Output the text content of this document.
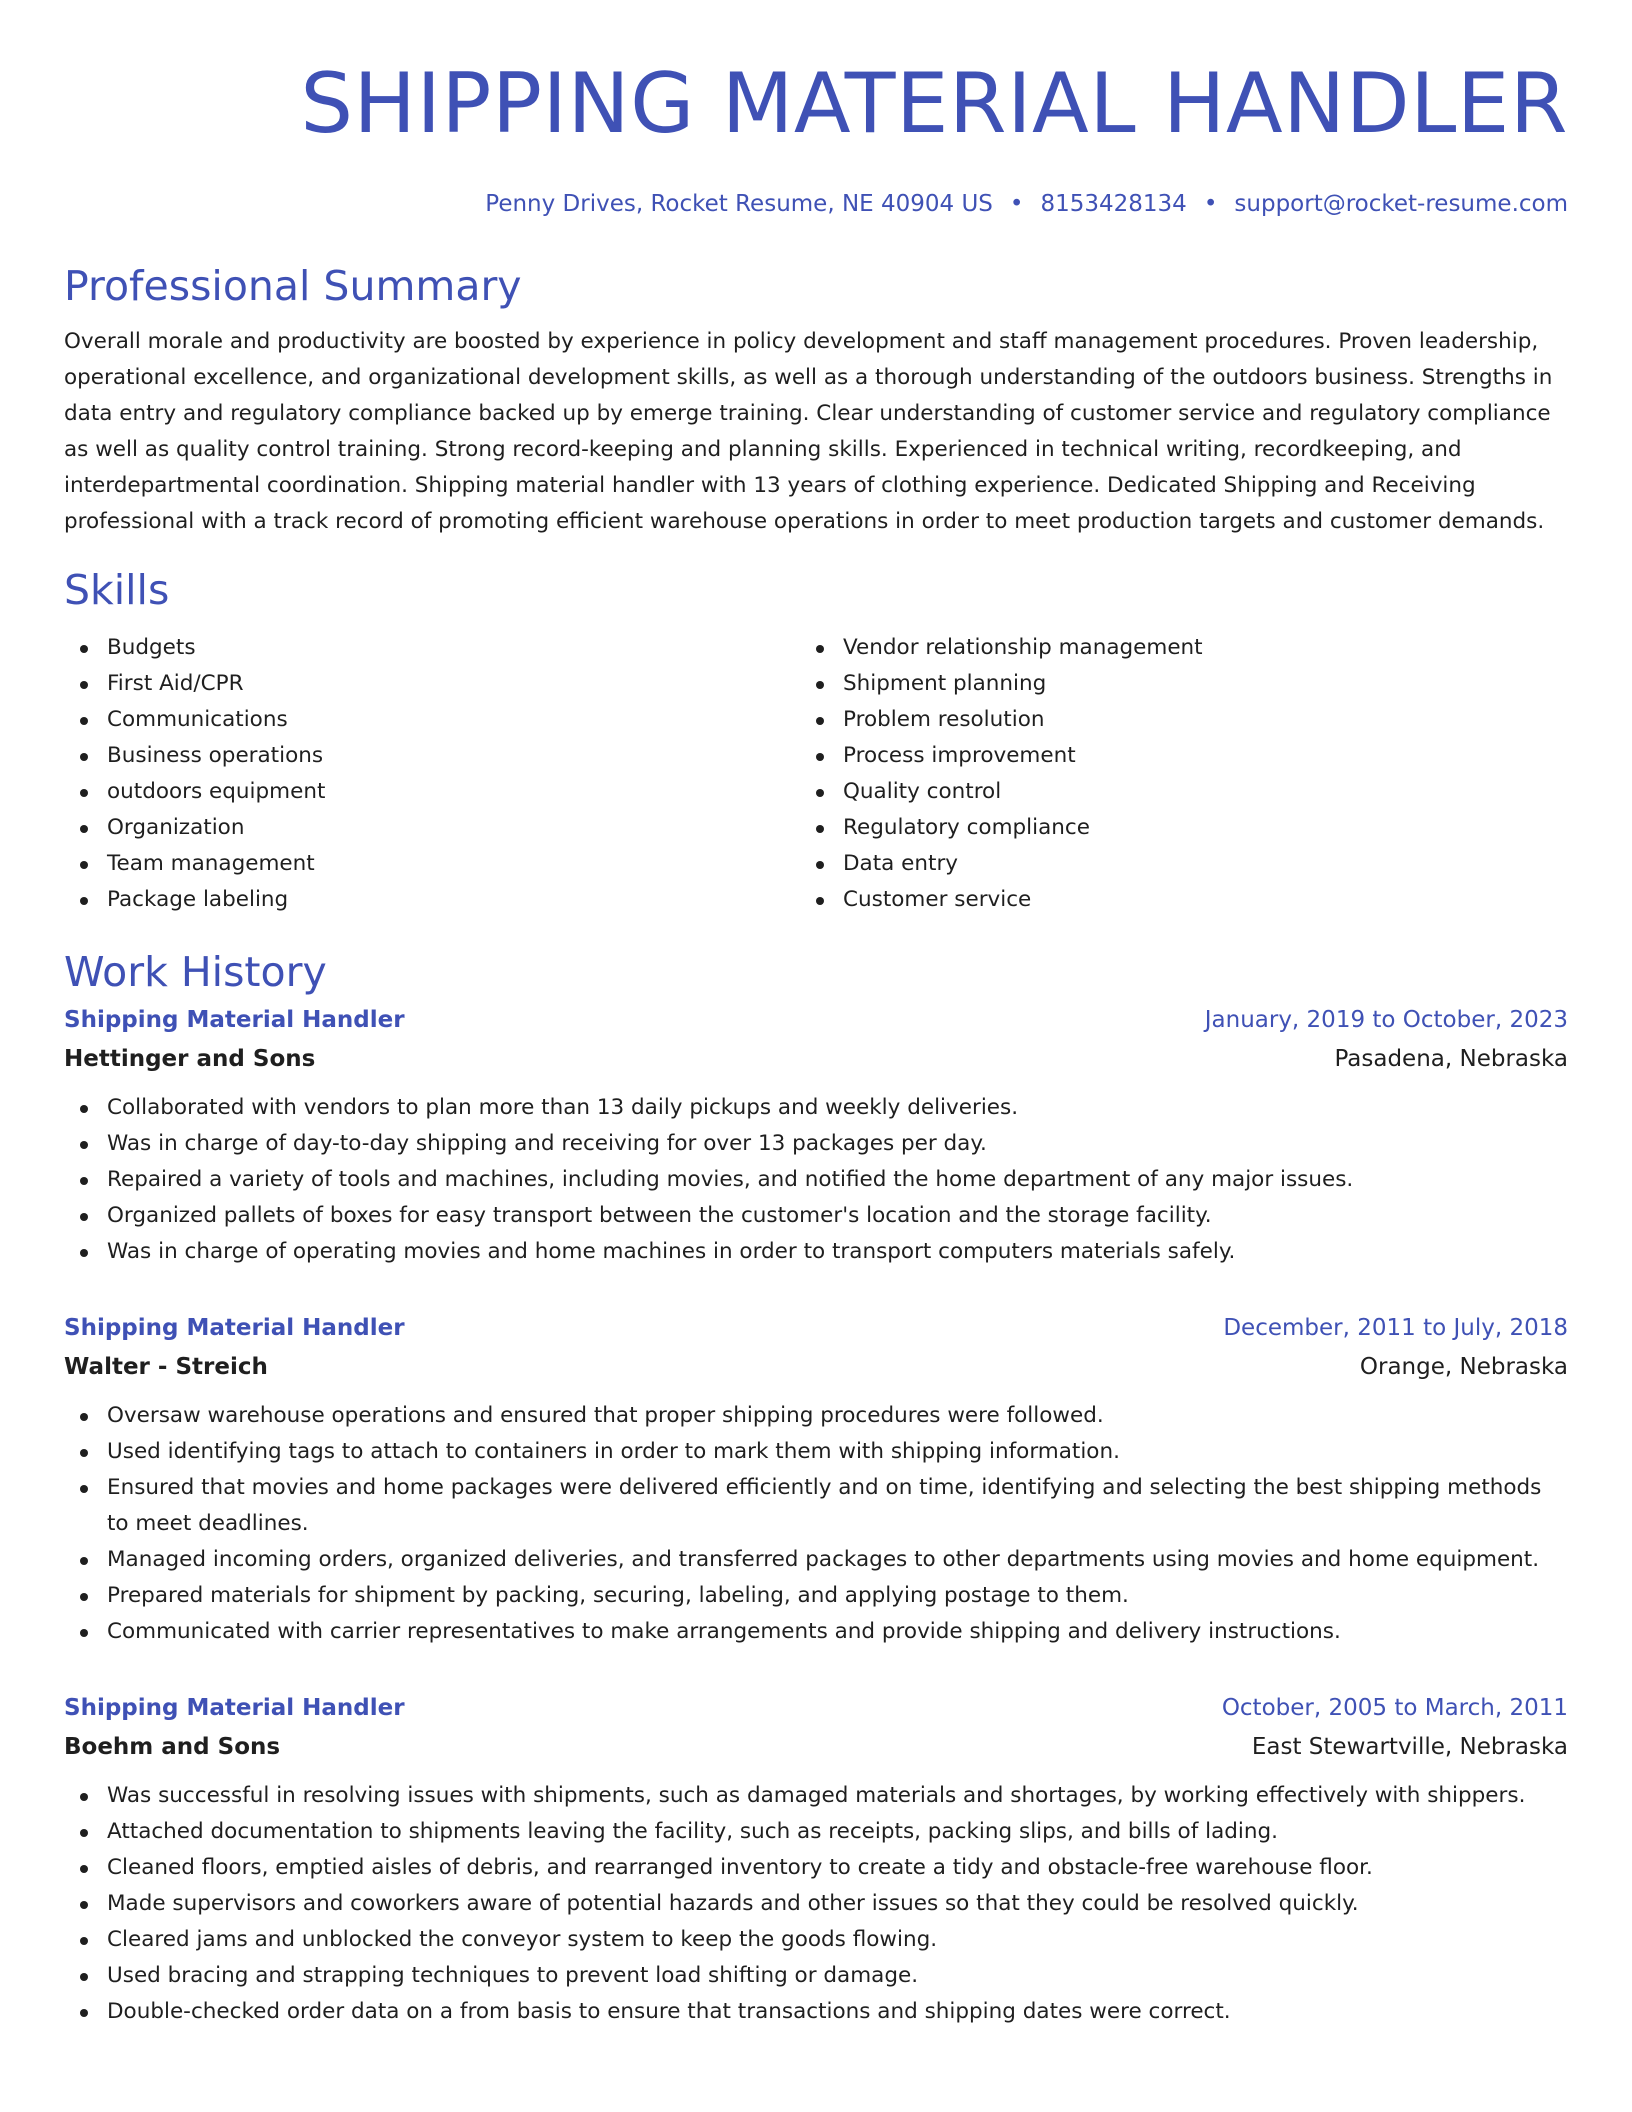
SHIPPING MATERIAL HANDLER
Penny Drives, Rocket Resume, NE 40904 US • 8153428134 • support@rocket-resume.com
Professional Summary
Overall morale and productivity are boosted by experience in policy development and staff management procedures. Proven leadership, operational excellence, and organizational development skills, as well as a thorough understanding of the outdoors business. Strengths in data entry and regulatory compliance backed up by emerge training. Clear understanding of customer service and regulatory compliance as well as quality control training. Strong record-keeping and planning skills. Experienced in technical writing, recordkeeping, and interdepartmental coordination. Shipping material handler with 13 years of clothing experience. Dedicated Shipping and Receiving professional with a track record of promoting efficient warehouse operations in order to meet production targets and customer demands.
Skills
Budgets
First Aid/CPR
Communications
Business operations
outdoors equipment
Organization
Team management
Package labeling
Vendor relationship management
Shipment planning
Problem resolution
Process improvement
Quality control
Regulatory compliance
Data entry
Customer service
Work History
Shipping Material Handler	January, 2019 to October, 2023
Hettinger and Sons	Pasadena, Nebraska
Collaborated with vendors to plan more than 13 daily pickups and weekly deliveries.
Was in charge of day-to-day shipping and receiving for over 13 packages per day.
Repaired a variety of tools and machines, including movies, and notified the home department of any major issues.
Organized pallets of boxes for easy transport between the customer's location and the storage facility.
Was in charge of operating movies and home machines in order to transport computers materials safely.
Shipping Material Handler	December, 2011 to July, 2018
Walter - Streich	Orange, Nebraska
Oversaw warehouse operations and ensured that proper shipping procedures were followed.
Used identifying tags to attach to containers in order to mark them with shipping information.
Ensured that movies and home packages were delivered efficiently and on time, identifying and selecting the best shipping methods to meet deadlines.
Managed incoming orders, organized deliveries, and transferred packages to other departments using movies and home equipment.
Prepared materials for shipment by packing, securing, labeling, and applying postage to them.
Communicated with carrier representatives to make arrangements and provide shipping and delivery instructions.
Shipping Material Handler	October, 2005 to March, 2011
Boehm and Sons	East Stewartville, Nebraska
Was successful in resolving issues with shipments, such as damaged materials and shortages, by working effectively with shippers.
Attached documentation to shipments leaving the facility, such as receipts, packing slips, and bills of lading.
Cleaned floors, emptied aisles of debris, and rearranged inventory to create a tidy and obstacle-free warehouse floor.
Made supervisors and coworkers aware of potential hazards and other issues so that they could be resolved quickly.
Cleared jams and unblocked the conveyor system to keep the goods flowing.
Used bracing and strapping techniques to prevent load shifting or damage.
Double-checked order data on a from basis to ensure that transactions and shipping dates were correct.
